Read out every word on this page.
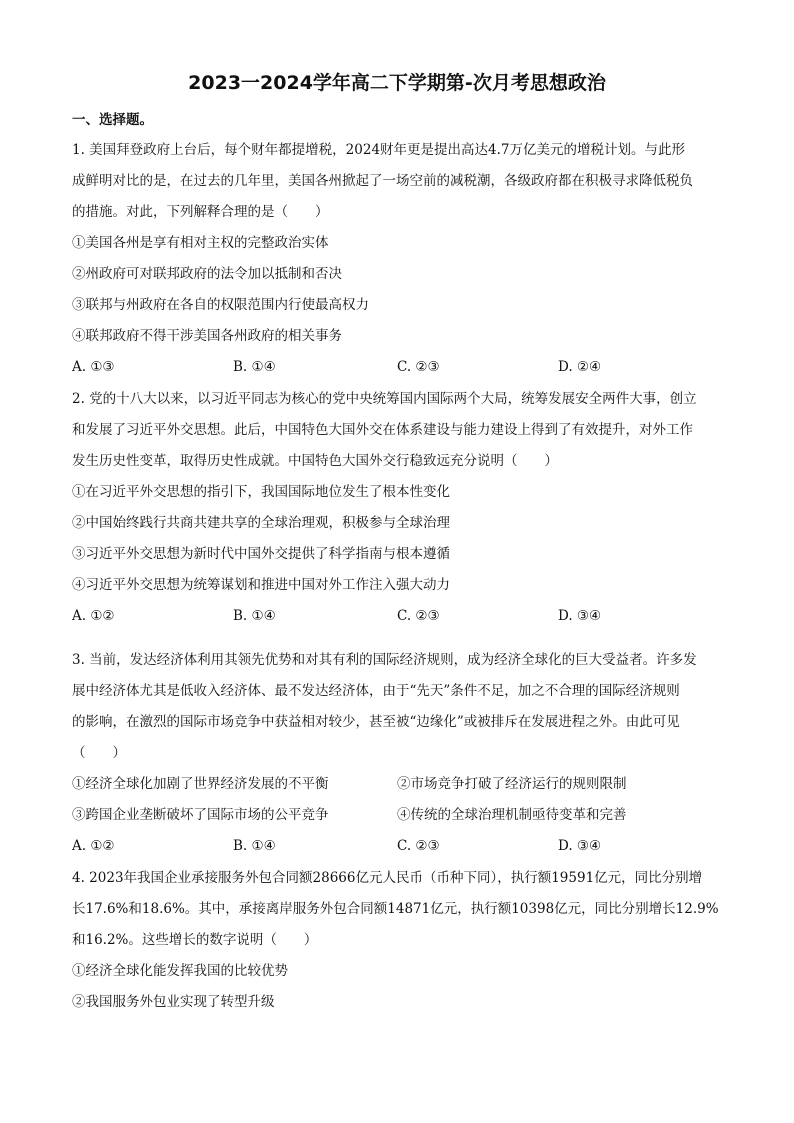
2023一2024学年高二下学期第-次月考思想政治
一、选择题。
1. 美国拜登政府上台后，每个财年都提增税，2024财年更是提出高达4.7万亿美元的增税计划。与此形
成鲜明对比的是，在过去的几年里，美国各州掀起了一场空前的减税潮，各级政府都在积极寻求降低税负
的措施。对此，下列解释合理的是（　　）
①美国各州是享有相对主权的完整政治实体
②州政府可对联邦政府的法令加以抵制和否决
③联邦与州政府在各自的权限范围内行使最高权力
④联邦政府不得干涉美国各州政府的相关事务
A. ①③	B. ①④	C. ②③	D. ②④
2. 党的十八大以来，以习近平同志为核心的党中央统筹国内国际两个大局，统筹发展安全两件大事，创立
和发展了习近平外交思想。此后，中国特色大国外交在体系建设与能力建设上得到了有效提升，对外工作
发生历史性变革，取得历史性成就。中国特色大国外交行稳致远充分说明（　　）
①在习近平外交思想的指引下，我国国际地位发生了根本性变化
②中国始终践行共商共建共享的全球治理观，积极参与全球治理
③习近平外交思想为新时代中国外交提供了科学指南与根本遵循
④习近平外交思想为统筹谋划和推进中国对外工作注入强大动力
A. ①②	B. ①④	C. ②③	D. ③④
3. 当前，发达经济体利用其领先优势和对其有利的国际经济规则，成为经济全球化的巨大受益者。许多发
展中经济体尤其是低收入经济体、最不发达经济体，由于“先天”条件不足，加之不合理的国际经济规则
的影响，在激烈的国际市场竞争中获益相对较少，甚至被“边缘化”或被排斥在发展进程之外。由此可见
（　　）
①经济全球化加剧了世界经济发展的不平衡	②市场竞争打破了经济运行的规则限制
③跨国企业垄断破坏了国际市场的公平竞争	④传统的全球治理机制亟待变革和完善
A. ①②	B. ①④	C. ②③	D. ③④
4. 2023年我国企业承接服务外包合同额28666亿元人民币（币种下同），执行额19591亿元，同比分别增
长17.6%和18.6%。其中，承接离岸服务外包合同额14871亿元，执行额10398亿元，同比分别增长12.9%
和16.2%。这些增长的数字说明（　　）
①经济全球化能发挥我国的比较优势
②我国服务外包业实现了转型升级
